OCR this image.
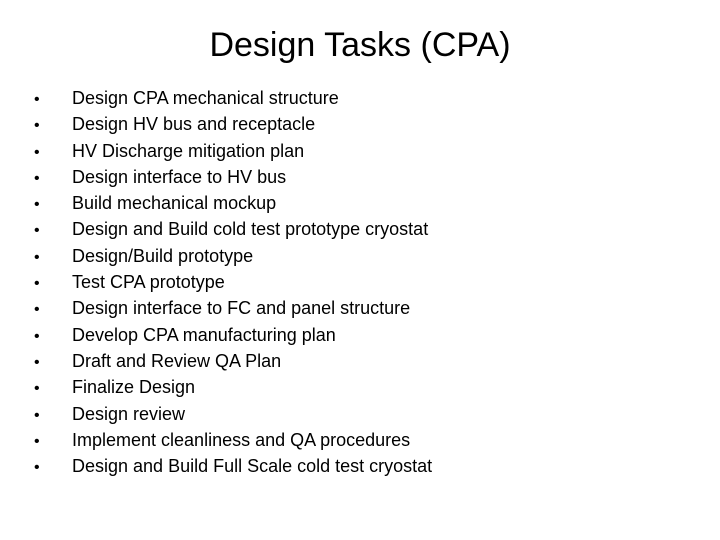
Design Tasks (CPA)
•	Design CPA mechanical structure
•	Design HV bus and receptacle
•	HV Discharge mitigation plan
•	Design interface to HV bus
•	Build mechanical mockup
•	Design and Build cold test prototype cryostat
•	Design/Build prototype
•	Test CPA prototype
•	Design interface to FC and panel structure
•	Develop CPA manufacturing plan
•	Draft and Review QA Plan
•	Finalize Design
•	Design review
•	Implement cleanliness and QA procedures
•	Design and Build Full Scale cold test cryostat
